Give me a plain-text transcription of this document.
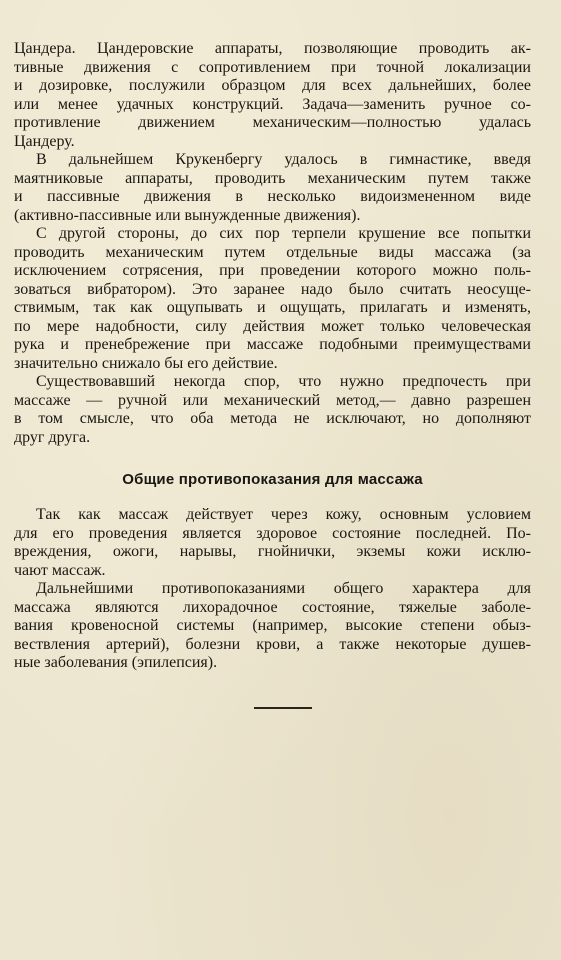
Цандера. Цандеровские аппараты, позволяющие проводить ак-
тивные движения с сопротивлением при точной локализации
и дозировке, послужили образцом для всех дальнейших, более
или менее удачных конструкций. Задача—заменить ручное со-
противление движением механическим—полностью удалась
Цандеру.
В дальнейшем Крукенбергу удалось в гимнастике, введя
маятниковые аппараты, проводить механическим путем также
и пассивные движения в несколько видоизмененном виде
(активно-пассивные или вынужденные движения).
С другой стороны, до сих пор терпели крушение все попытки
проводить механическим путем отдельные виды массажа (за
исключением сотрясения, при проведении которого можно поль-
зоваться вибратором). Это заранее надо было считать неосуще-
ствимым, так как ощупывать и ощущать, прилагать и изменять,
по мере надобности, силу действия может только человеческая
рука и пренебрежение при массаже подобными преимуществами
значительно снижало бы его действие.
Существовавший некогда спор, что нужно предпочесть при
массаже — ручной или механический метод,— давно разрешен
в том смысле, что оба метода не исключают, но дополняют
друг друга.
Общие противопоказания для массажа
Так как массаж действует через кожу, основным условием
для его проведения является здоровое состояние последней. По-
вреждения, ожоги, нарывы, гнойнички, экземы кожи исклю-
чают массаж.
Дальнейшими противопоказаниями общего характера для
массажа являются лихорадочное состояние, тяжелые заболе-
вания кровеносной системы (например, высокие степени обыз-
вествления артерий), болезни крови, а также некоторые душев-
ные заболевания (эпилепсия).
